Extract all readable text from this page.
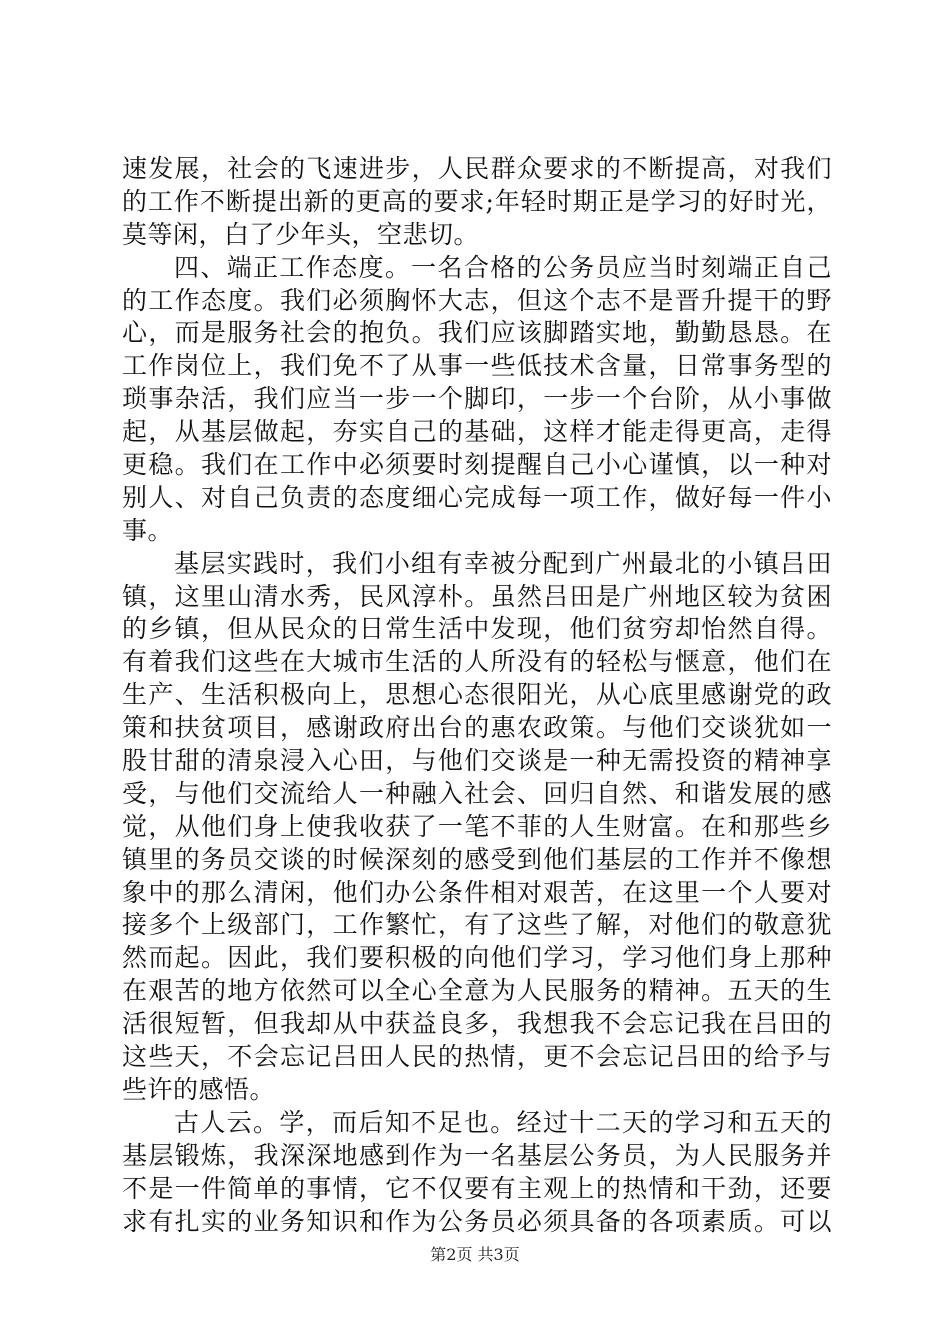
速发展，社会的飞速进步，人民群众要求的不断提高，对我们
的工作不断提出新的更高的要求;年轻时期正是学习的好时光，
莫等闲，白了少年头，空悲切。
四、端正工作态度。一名合格的公务员应当时刻端正自己
的工作态度。我们必须胸怀大志，但这个志不是晋升提干的野
心，而是服务社会的抱负。我们应该脚踏实地，勤勤恳恳。在
工作岗位上，我们免不了从事一些低技术含量，日常事务型的
琐事杂活，我们应当一步一个脚印，一步一个台阶，从小事做
起，从基层做起，夯实自己的基础，这样才能走得更高，走得
更稳。我们在工作中必须要时刻提醒自己小心谨慎，以一种对
别人、对自己负责的态度细心完成每一项工作，做好每一件小
事。
基层实践时，我们小组有幸被分配到广州最北的小镇吕田
镇，这里山清水秀，民风淳朴。虽然吕田是广州地区较为贫困
的乡镇，但从民众的日常生活中发现，他们贫穷却怡然自得。
有着我们这些在大城市生活的人所没有的轻松与惬意，他们在
生产、生活积极向上，思想心态很阳光，从心底里感谢党的政
策和扶贫项目，感谢政府出台的惠农政策。与他们交谈犹如一
股甘甜的清泉浸入心田，与他们交谈是一种无需投资的精神享
受，与他们交流给人一种融入社会、回归自然、和谐发展的感
觉，从他们身上使我收获了一笔不菲的人生财富。在和那些乡
镇里的务员交谈的时候深刻的感受到他们基层的工作并不像想
象中的那么清闲，他们办公条件相对艰苦，在这里一个人要对
接多个上级部门，工作繁忙，有了这些了解，对他们的敬意犹
然而起。因此，我们要积极的向他们学习，学习他们身上那种
在艰苦的地方依然可以全心全意为人民服务的精神。五天的生
活很短暂，但我却从中获益良多，我想我不会忘记我在吕田的
这些天，不会忘记吕田人民的热情，更不会忘记吕田的给予与
些许的感悟。
古人云。学，而后知不足也。经过十二天的学习和五天的
基层锻炼，我深深地感到作为一名基层公务员，为人民服务并
不是一件简单的事情，它不仅要有主观上的热情和干劲，还要
求有扎实的业务知识和作为公务员必须具备的各项素质。可以
第2页 共3页
